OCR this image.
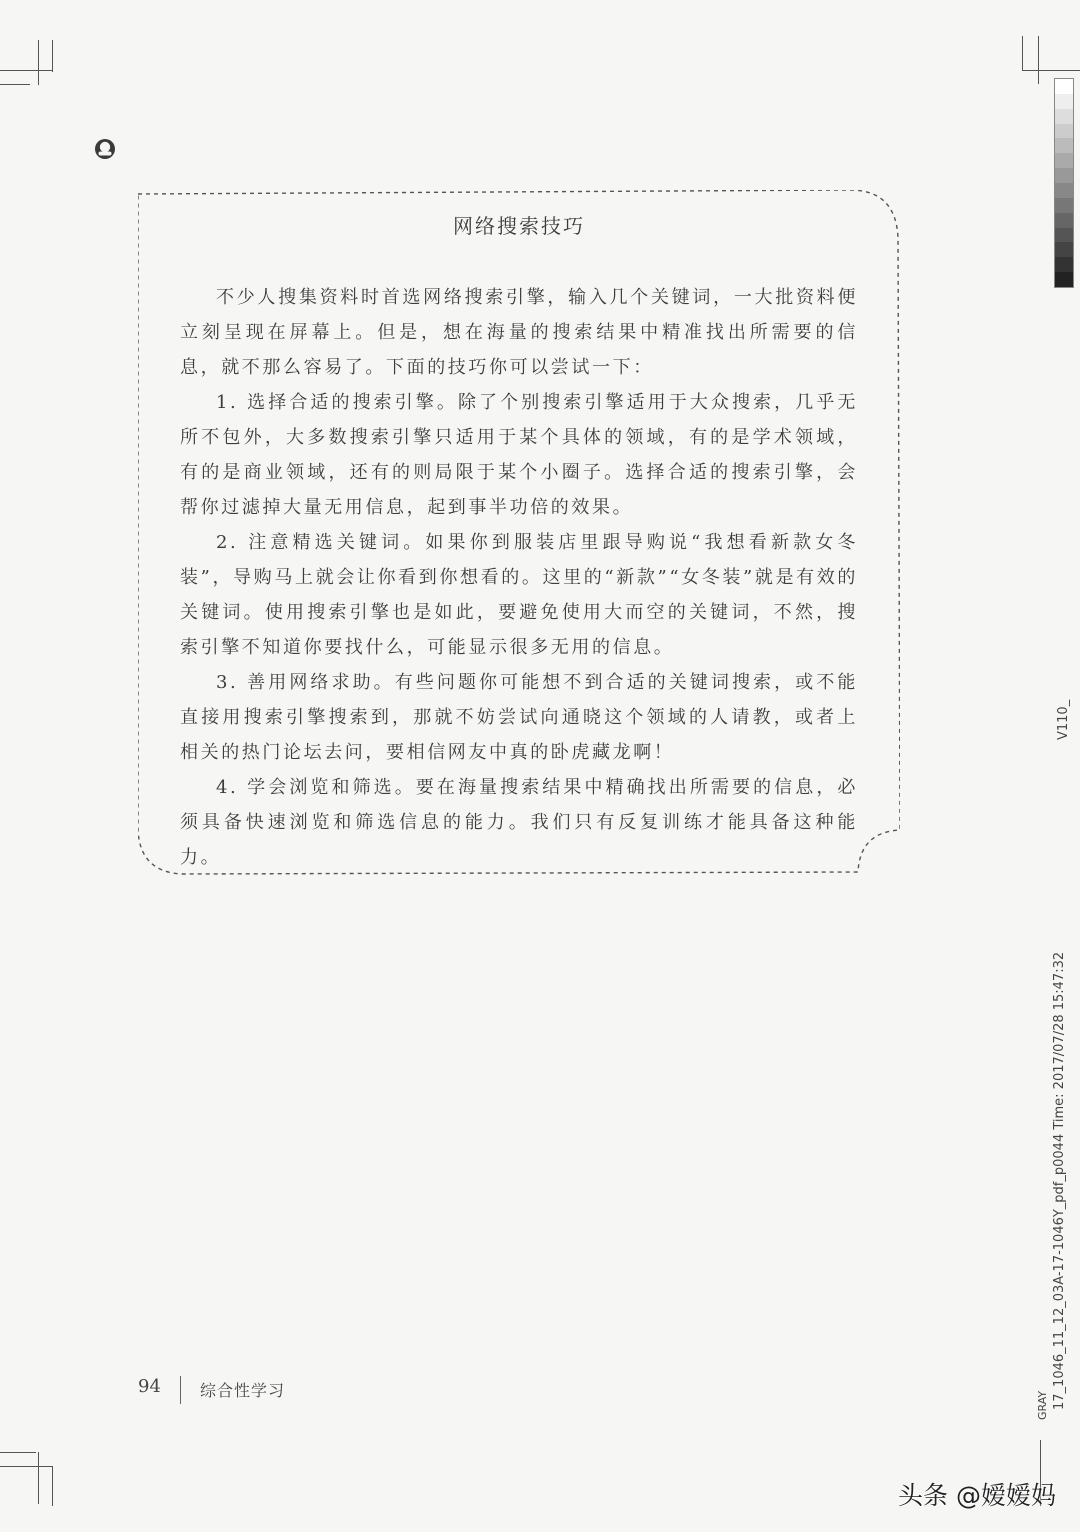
网络搜索技巧

不少人搜集资料时首选网络搜索引擎，输入几个关键词，一大批资料便立刻呈现在屏幕上。但是，想在海量的搜索结果中精准找出所需要的信息，就不那么容易了。下面的技巧你可以尝试一下：

1. 选择合适的搜索引擎。除了个别搜索引擎适用于大众搜索，几乎无所不包外，大多数搜索引擎只适用于某个具体的领域，有的是学术领域，有的是商业领域，还有的则局限于某个小圈子。选择合适的搜索引擎，会帮你过滤掉大量无用信息，起到事半功倍的效果。

2. 注意精选关键词。如果你到服装店里跟导购说“我想看新款女冬装”，导购马上就会让你看到你想看的。这里的“新款”“女冬装”就是有效的关键词。使用搜索引擎也是如此，要避免使用大而空的关键词，不然，搜索引擎不知道你要找什么，可能显示很多无用的信息。

3. 善用网络求助。有些问题你可能想不到合适的关键词搜索，或不能直接用搜索引擎搜索到，那就不妨尝试向通晓这个领域的人请教，或者上相关的热门论坛去问，要相信网友中真的卧虎藏龙啊！

4. 学会浏览和筛选。要在海量搜索结果中精确找出所需要的信息，必须具备快速浏览和筛选信息的能力。我们只有反复训练才能具备这种能力。

94 综合性学习
V110_
17_1046_11_12_03A-17-1046Y_pdf_p0044 Time: 2017/07/28 15:47:32
GRAY
头条 @嫒嫒妈
